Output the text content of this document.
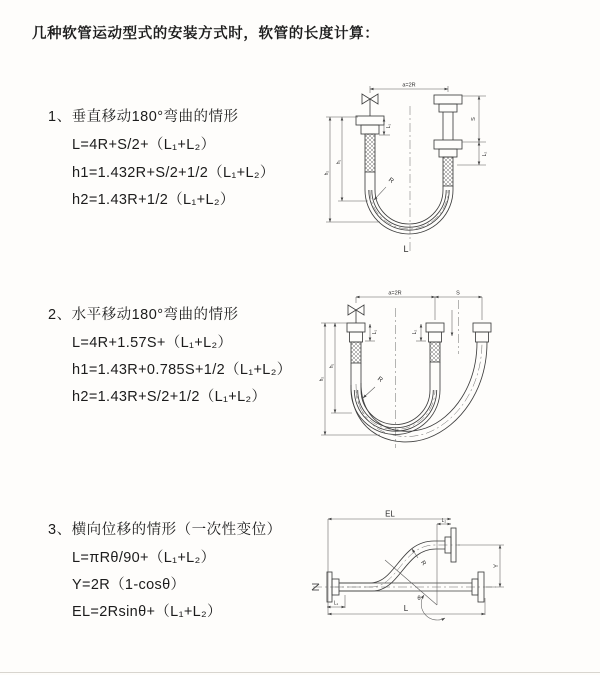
几种软管运动型式的安装方式时，软管的长度计算：
1、垂直移动180°弯曲的情形
L=4R+S/2+（L₁+L₂）
h1=1.432R+S/2+1/2（L₁+L₂）
h2=1.43R+1/2（L₁+L₂）
2、水平移动180°弯曲的情形
L=4R+1.57S+（L₁+L₂）
h1=1.43R+0.785S+1/2（L₁+L₂）
h2=1.43R+S/2+1/2（L₁+L₂）
3、横向位移的情形（一次性变位）
L=πRθ/90+（L₁+L₂）
Y=2R（1-cosθ）
EL=2Rsinθ+（L₁+L₂）
a=2R
L₁
S
L₂
h₁
h₂
R
L
a=2R	S
L₁	L₂
h₁
h₂	R
EL
L₂
Y
R
θ
L
L₁
